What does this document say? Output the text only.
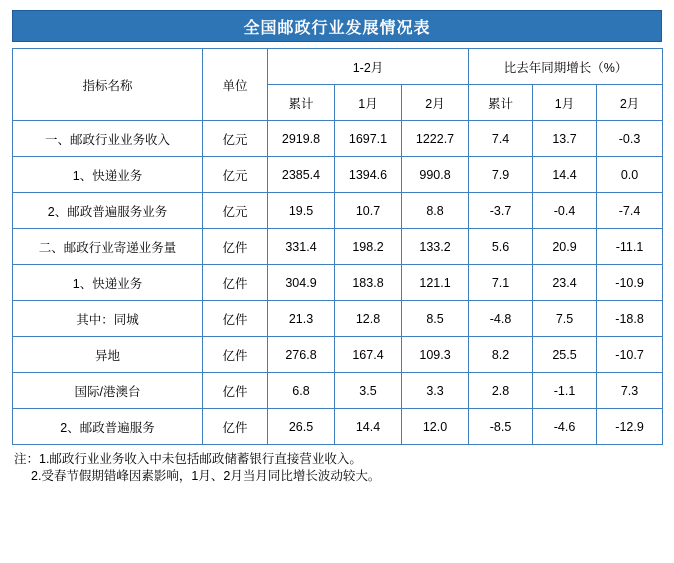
全国邮政行业发展情况表
指标名称	单位	1-2月			比去年同期增长（%）		
		累计	1月	2月	累计	1月	2月
一、邮政行业业务收入	亿元	2919.8	1697.1	1222.7	7.4	13.7	-0.3
1、快递业务	亿元	2385.4	1394.6	990.8	7.9	14.4	0.0
2、邮政普遍服务业务	亿元	19.5	10.7	8.8	-3.7	-0.4	-7.4
二、邮政行业寄递业务量	亿件	331.4	198.2	133.2	5.6	20.9	-11.1
1、快递业务	亿件	304.9	183.8	121.1	7.1	23.4	-10.9
其中：同城	亿件	21.3	12.8	8.5	-4.8	7.5	-18.8
异地	亿件	276.8	167.4	109.3	8.2	25.5	-10.7
国际/港澳台	亿件	6.8	3.5	3.3	2.8	-1.1	7.3
2、邮政普遍服务	亿件	26.5	14.4	12.0	-8.5	-4.6	-12.9
注：1.邮政行业业务收入中未包括邮政储蓄银行直接营业收入。
2.受春节假期错峰因素影响，1月、2月当月同比增长波动较大。
